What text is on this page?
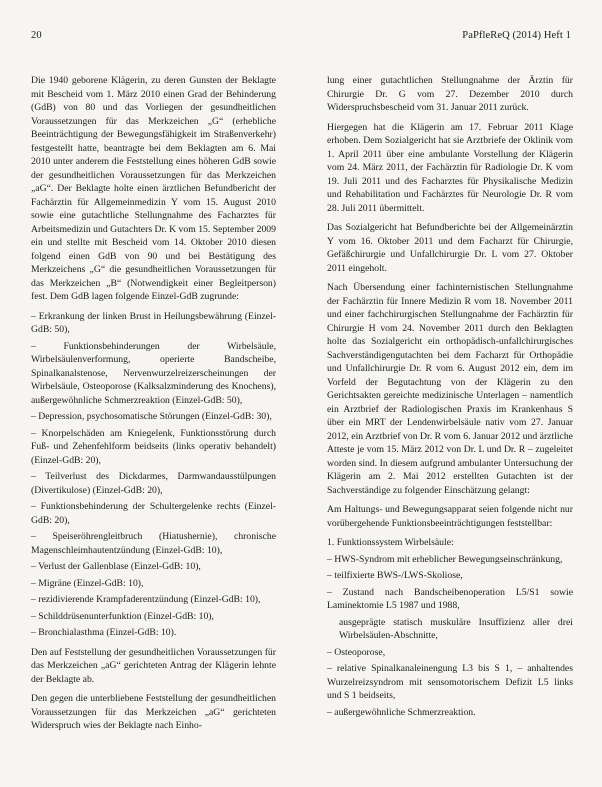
20	PaPfleReQ (2014) Heft 1

Die 1940 geborene Klägerin, zu deren Gunsten der Beklagte mit Bescheid vom 1. März 2010 einen Grad der Behinderung (GdB) von 80 und das Vorliegen der gesundheitlichen Voraussetzungen für das Merkzeichen „G“ (erhebliche Beeinträchtigung der Bewegungsfähigkeit im Straßenverkehr) festgestellt hatte, beantragte bei dem Beklagten am 6. Mai 2010 unter anderem die Feststellung eines höheren GdB sowie der gesundheitlichen Voraussetzungen für das Merkzeichen „aG“. Der Beklagte holte einen ärztlichen Befundbericht der Fachärztin für Allgemeinmedizin Y vom 15. August 2010 sowie eine gutachtliche Stellungnahme des Facharztes für Arbeitsmedizin und Gutachters Dr. K vom 15. September 2009 ein und stellte mit Bescheid vom 14. Oktober 2010 diesen folgend einen GdB von 90 und bei Bestätigung des Merkzeichens „G“ die gesundheitlichen Voraussetzungen für das Merkzeichen „B“ (Notwendigkeit einer Begleitperson) fest. Dem GdB lagen folgende Einzel-GdB zugrunde:

– Erkrankung der linken Brust in Heilungsbewährung (Einzel-GdB: 50),

– Funktionsbehinderungen der Wirbelsäule, Wirbelsäulenverformung, operierte Bandscheibe, Spinalkanalstenose, Nervenwurzelreizerscheinungen der Wirbelsäule, Osteoporose (Kalksalzminderung des Knochens), außergewöhnliche Schmerzreaktion (Einzel-GdB: 50),

– Depression, psychosomatische Störungen (Einzel-GdB: 30),

– Knorpelschäden am Kniegelenk, Funktionsstörung durch Fuß- und Zehenfehlform beidseits (links operativ behandelt) (Einzel-GdB: 20),

– Teilverlust des Dickdarmes, Darmwandausstülpungen (Divertikulose) (Einzel-GdB: 20),

– Funktionsbehinderung der Schultergelenke rechts (Einzel-GdB: 20),

– Speiseröhrengleitbruch (Hiatushernie), chronische Magenschleimhautentzündung (Einzel-GdB: 10),

– Verlust der Gallenblase (Einzel-GdB: 10),

– Migräne (Einzel-GdB: 10),

– rezidivierende Krampfaderentzündung (Einzel-GdB: 10),

– Schilddrüsenunterfunktion (Einzel-GdB: 10),

– Bronchialasthma (Einzel-GdB: 10).

Den auf Feststellung der gesundheitlichen Voraussetzungen für das Merkzeichen „aG“ gerichteten Antrag der Klägerin lehnte der Beklagte ab.

Den gegen die unterbliebene Feststellung der gesundheitlichen Voraussetzungen für das Merkzeichen „aG“ gerichteten Widerspruch wies der Beklagte nach Einho-

lung einer gutachtlichen Stellungnahme der Ärztin für Chirurgie Dr. G vom 27. Dezember 2010 durch Widerspruchsbescheid vom 31. Januar 2011 zurück.

Hiergegen hat die Klägerin am 17. Februar 2011 Klage erhoben. Dem Sozialgericht hat sie Arztbriefe der Oklinik vom 1. April 2011 über eine ambulante Vorstellung der Klägerin vom 24. März 2011, der Fachärztin für Radiologie Dr. K vom 19. Juli 2011 und des Facharztes für Physikalische Medizin und Rehabilitation und Fachärztes für Neurologie Dr. R vom 28. Juli 2011 übermittelt.

Das Sozialgericht hat Befundberichte bei der Allgemeinärztin Y vom 16. Oktober 2011 und dem Facharzt für Chirurgie, Gefäßchirurgie und Unfallchirurgie Dr. L vom 27. Oktober 2011 eingeholt.

Nach Übersendung einer fachinternistischen Stellungnahme der Fachärztin für Innere Medizin R vom 18. November 2011 und einer fachchirurgischen Stellungnahme der Fachärztin für Chirurgie H vom 24. November 2011 durch den Beklagten holte das Sozialgericht ein orthopädisch-unfallchirurgisches Sachverständigengutachten bei dem Facharzt für Orthopädie und Unfallchirurgie Dr. R vom 6. August 2012 ein, dem im Vorfeld der Begutachtung von der Klägerin zu den Gerichtsakten gereichte medizinische Unterlagen – namentlich ein Arztbrief der Radiologischen Praxis im Krankenhaus S über ein MRT der Lendenwirbelsäule nativ vom 27. Januar 2012, ein Arztbrief von Dr. R vom 6. Januar 2012 und ärztliche Atteste je vom 15. März 2012 von Dr. L und Dr. R – zugeleitet worden sind. In diesem aufgrund ambulanter Untersuchung der Klägerin am 2. Mai 2012 erstellten Gutachten ist der Sachverständige zu folgender Einschätzung gelangt:

Am Haltungs- und Bewegungsapparat seien folgende nicht nur vorübergehende Funktionsbeeinträchtigungen feststellbar:

1. Funktionssystem Wirbelsäule:

– HWS-Syndrom mit erheblicher Bewegungseinschränkung,

– teilfixierte BWS-/LWS-Skoliose,

– Zustand nach Bandscheibenoperation L5/S1 sowie Laminektomie L5 1987 und 1988,

ausgeprägte statisch muskuläre Insuffizienz aller drei Wirbelsäulen-Abschnitte,

– Osteoporose,

– relative Spinalkanaleinengung L3 bis S 1, – anhaltendes Wurzelreizsyndrom mit sensomotorischem Defizit L5 links und S 1 beidseits,

– außergewöhnliche Schmerzreaktion.
